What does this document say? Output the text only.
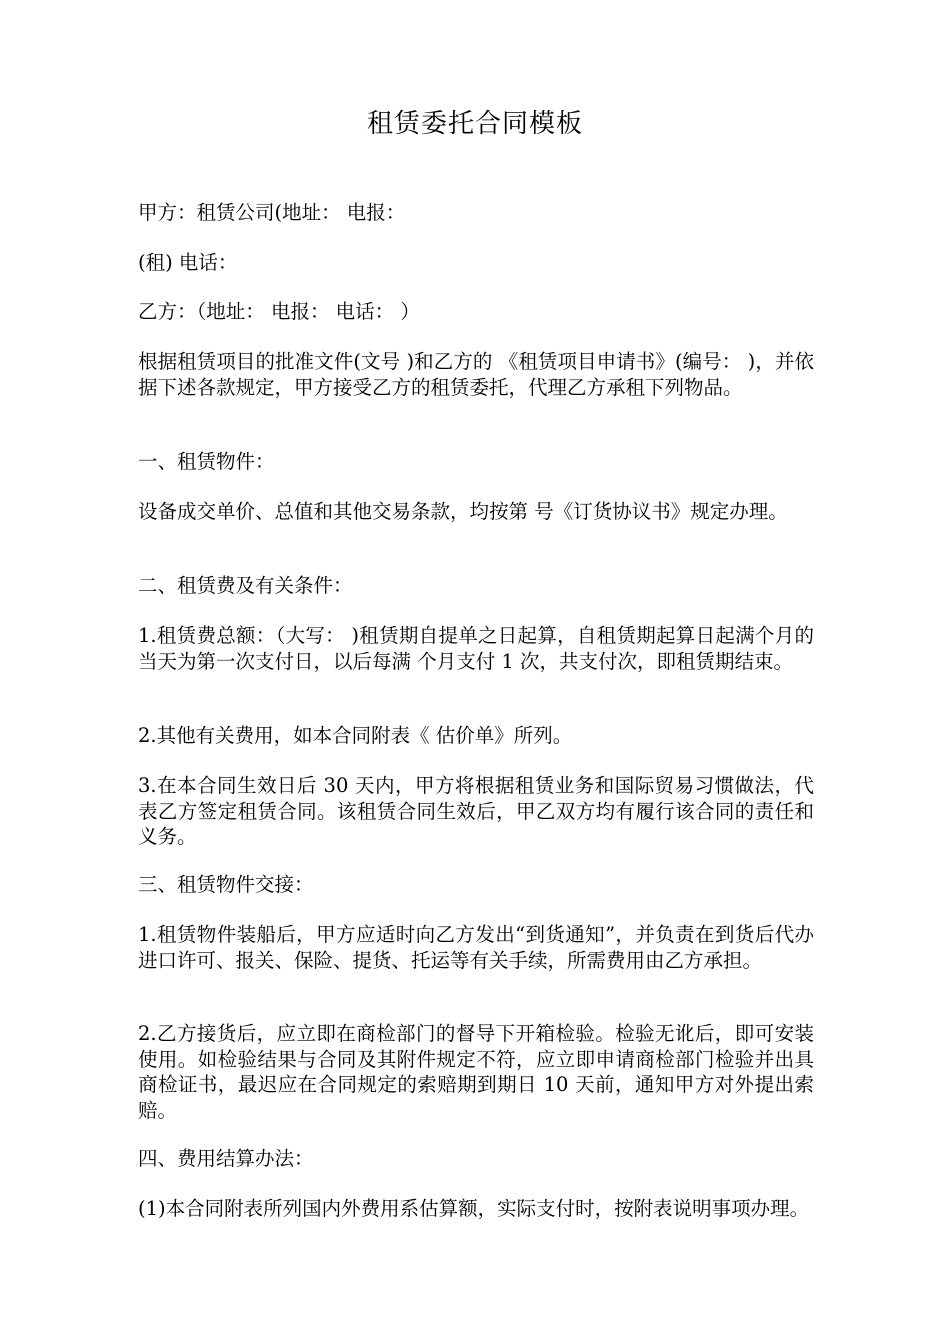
租赁委托合同模板

甲方：租赁公司(地址： 电报：

(租) 电话：

乙方：（地址： 电报： 电话： ）

根据租赁项目的批准文件(文号 )和乙方的 《租赁项目申请书》(编号： )，并依据下述各款规定，甲方接受乙方的租赁委托，代理乙方承租下列物品。

一、租赁物件：

设备成交单价、总值和其他交易条款，均按第 号《订货协议书》规定办理。

二、租赁费及有关条件：

1.租赁费总额：（大写： )租赁期自提单之日起算，自租赁期起算日起满个月的当天为第一次支付日，以后每满 个月支付 1 次，共支付次，即租赁期结束。

2.其他有关费用，如本合同附表《 估价单》所列。

3.在本合同生效日后 30 天内，甲方将根据租赁业务和国际贸易习惯做法，代表乙方签定租赁合同。该租赁合同生效后，甲乙双方均有履行该合同的责任和义务。

三、租赁物件交接：

1.租赁物件装船后，甲方应适时向乙方发出“到货通知”，并负责在到货后代办进口许可、报关、保险、提货、托运等有关手续，所需费用由乙方承担。

2.乙方接货后，应立即在商检部门的督导下开箱检验。检验无讹后，即可安装使用。如检验结果与合同及其附件规定不符，应立即申请商检部门检验并出具商检证书，最迟应在合同规定的索赔期到期日 10 天前，通知甲方对外提出索赔。

四、费用结算办法：

(1)本合同附表所列国内外费用系估算额，实际支付时，按附表说明事项办理。
